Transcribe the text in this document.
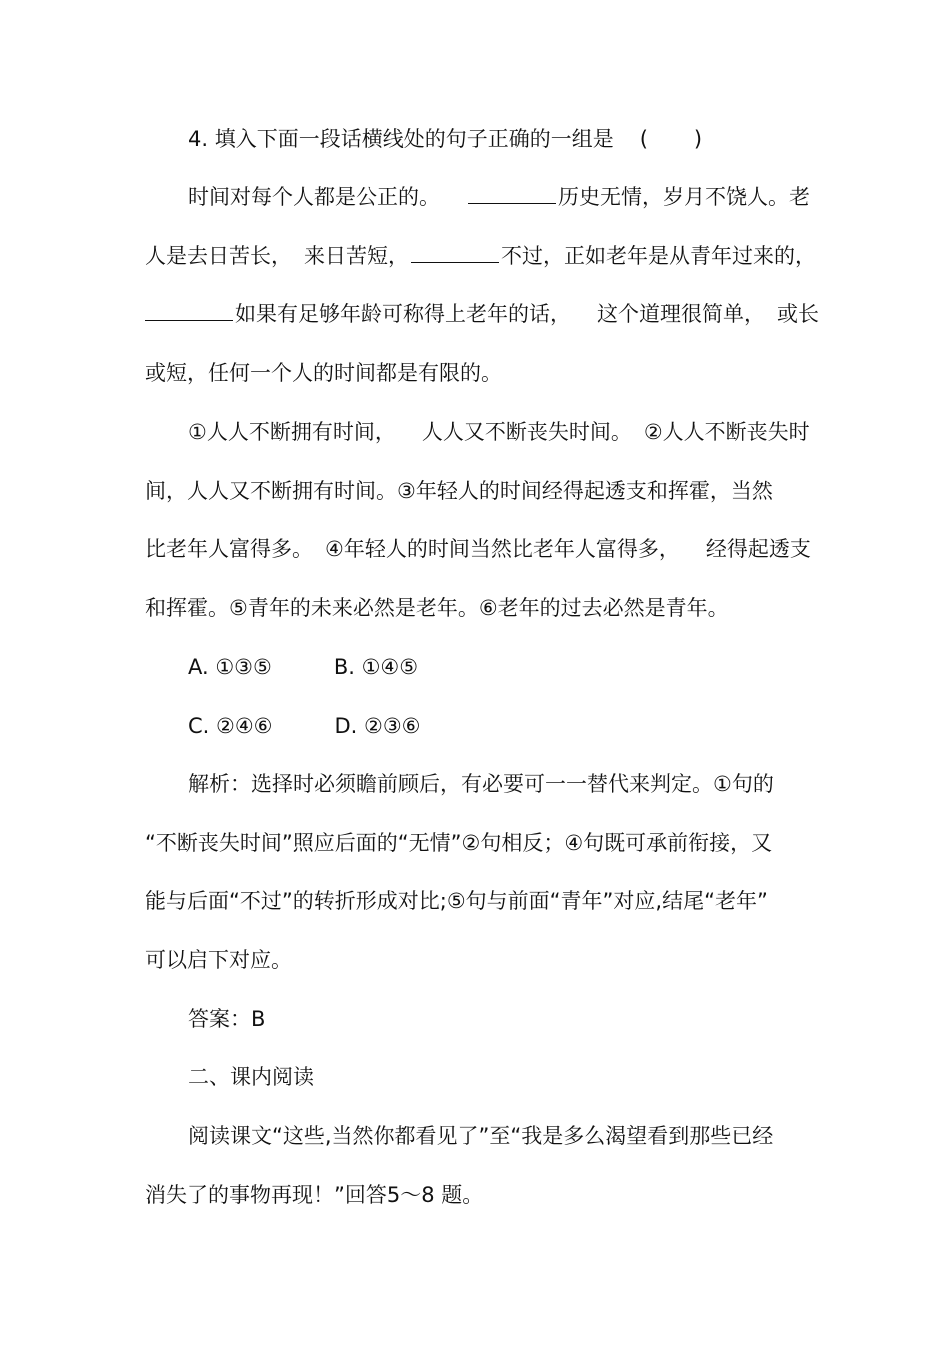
4. 填入下面一段话横线处的句子正确的一组是 ( )
时间对每个人都是公正的。	历史无情，岁月不饶人。老
人是去日苦长， 来日苦短，	不过，正如老年是从青年过来的，
如果有足够年龄可称得上老年的话， 这个道理很简单， 或长
或短，任何一个人的时间都是有限的。
①人人不断拥有时间， 人人又不断丧失时间。 ②人人不断丧失时
间，人人又不断拥有时间。③年轻人的时间经得起透支和挥霍，当然
比老年人富得多。 ④年轻人的时间当然比老年人富得多， 经得起透支
和挥霍。⑤青年的未来必然是老年。⑥老年的过去必然是青年。
A. ①③⑤	B. ①④⑤
C. ②④⑥	D. ②③⑥
解析：选择时必须瞻前顾后，有必要可一一替代来判定。①句的
“不断丧失时间”照应后面的“无情”②句相反；④句既可承前衔接，又
能与后面“不过”的转折形成对比;⑤句与前面“青年”对应,结尾“老年”
可以启下对应。
答案：B
二、课内阅读
阅读课文“这些,当然你都看见了”至“我是多么渴望看到那些已经
消失了的事物再现！”回答5～8 题。
